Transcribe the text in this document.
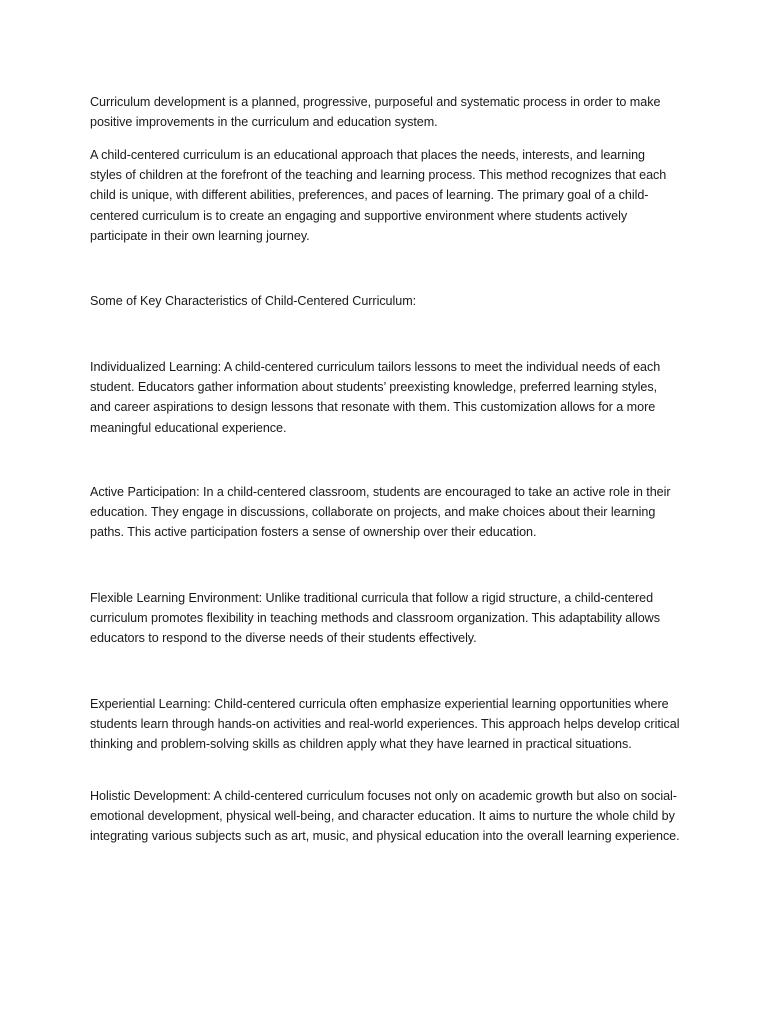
Curriculum development is a planned, progressive, purposeful and systematic process in order to make positive improvements in the curriculum and education system.

A child-centered curriculum is an educational approach that places the needs, interests, and learning styles of children at the forefront of the teaching and learning process. This method recognizes that each child is unique, with different abilities, preferences, and paces of learning. The primary goal of a child-centered curriculum is to create an engaging and supportive environment where students actively participate in their own learning journey.

Some of Key Characteristics of Child-Centered Curriculum:

Individualized Learning: A child-centered curriculum tailors lessons to meet the individual needs of each student. Educators gather information about students’ preexisting knowledge, preferred learning styles, and career aspirations to design lessons that resonate with them. This customization allows for a more meaningful educational experience.

Active Participation: In a child-centered classroom, students are encouraged to take an active role in their education. They engage in discussions, collaborate on projects, and make choices about their learning paths. This active participation fosters a sense of ownership over their education.

Flexible Learning Environment: Unlike traditional curricula that follow a rigid structure, a child-centered curriculum promotes flexibility in teaching methods and classroom organization. This adaptability allows educators to respond to the diverse needs of their students effectively.

Experiential Learning: Child-centered curricula often emphasize experiential learning opportunities where students learn through hands-on activities and real-world experiences. This approach helps develop critical thinking and problem-solving skills as children apply what they have learned in practical situations.

Holistic Development: A child-centered curriculum focuses not only on academic growth but also on social-emotional development, physical well-being, and character education. It aims to nurture the whole child by integrating various subjects such as art, music, and physical education into the overall learning experience.
